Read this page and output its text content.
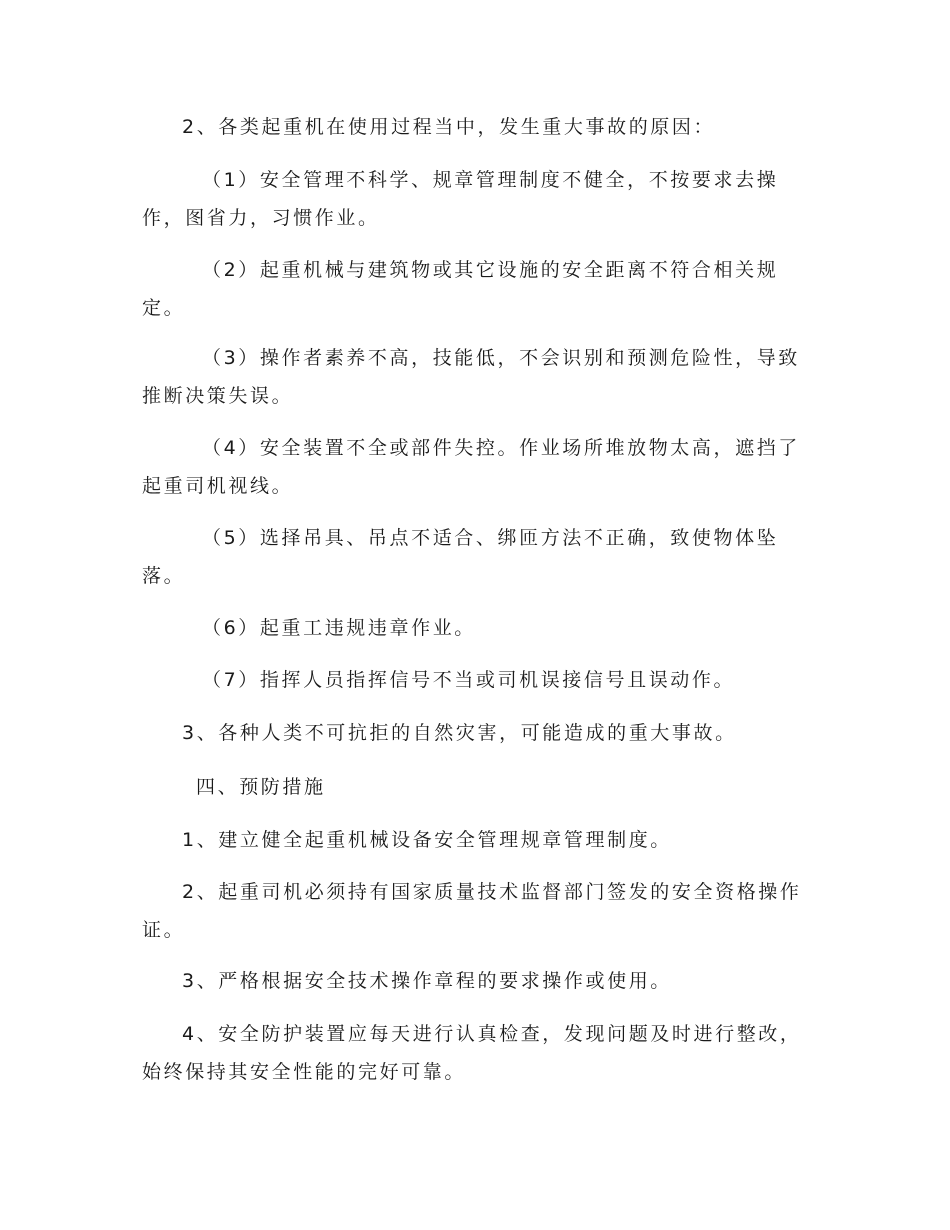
2、各类起重机在使用过程当中，发生重大事故的原因：

（1）安全管理不科学、规章管理制度不健全，不按要求去操作，图省力，习惯作业。

（2）起重机械与建筑物或其它设施的安全距离不符合相关规定。

（3）操作者素养不高，技能低，不会识别和预测危险性，导致推断决策失误。

（4）安全装置不全或部件失控。作业场所堆放物太高，遮挡了起重司机视线。

（5）选择吊具、吊点不适合、绑匝方法不正确，致使物体坠落。

（6）起重工违规违章作业。

（7）指挥人员指挥信号不当或司机误接信号且误动作。

3、各种人类不可抗拒的自然灾害，可能造成的重大事故。

四、预防措施

1、建立健全起重机械设备安全管理规章管理制度。

2、起重司机必须持有国家质量技术监督部门签发的安全资格操作证。

3、严格根据安全技术操作章程的要求操作或使用。

4、安全防护装置应每天进行认真检查，发现问题及时进行整改，始终保持其安全性能的完好可靠。
